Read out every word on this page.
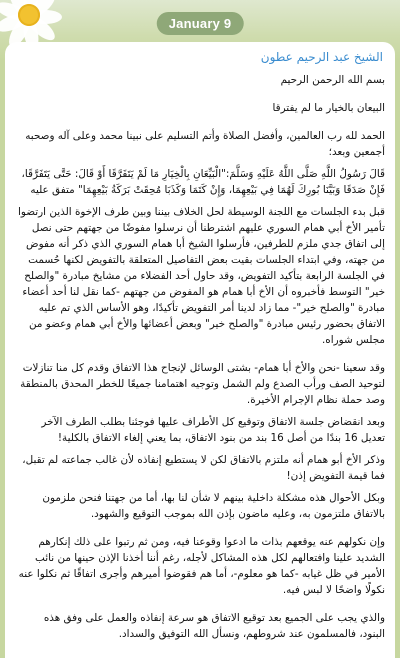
January 9
الشيخ عبد الرحيم عطون

بسم الله الرحمن الرحيم

البيعان بالخيار ما لم يفترقا

الحمد لله رب العالمين، وأفضل الصلاة وأتم التسليم على نبينا محمد وعلى آله وصحبه أجمعين وبعد؛

قَالَ رَسُولُ اللَّهِ صَلَّى اللَّهُ عَلَيْهِ وَسَلَّمَ:"الْبَيِّعَانِ بِالْخِيَارِ مَا لَمْ يَتَفَرَّقَا أَوْ قَالَ: حَتَّى يَتَفَرَّقَا، فَإِنْ صَدَقَا وَبَيَّنَا بُورِكَ لَهُمَا فِي بَيْعِهِمَا، وَإِنْ كَتَمَا وَكَذَبَا مُحِقَتْ بَرَكَةُ بَيْعِهِمَا" متفق عليه

قبل بدء الجلسات مع اللجنة الوسيطة لحل الخلاف بيننا وبين طرف الإخوة الذين ارتضوا تأمير الأخ أبي همام السوري عليهم اشترطنا أن نرسلوا مفوضًا من جهتهم حتى نصل إلى اتفاق جدي ملزم للطرفين، فأرسلوا الشيخ أبا همام السوري الذي ذكر أنه مفوض من جهته، وفي ابتداء الجلسات بقيت بعض التفاصيل المتعلقة بالتفويض لكنها حُسمت في الجلسة الرابعة بتأكيد التفويض، وقد حاول أحد الفضلاء من مشايخ مبادرة "والصلح خير" التوسط فأخبروه أن الأخ أبا همام هو المفوض من جهتهم -كما نقل لنا أحد أعضاء مبادرة "والصلح خير"- مما زاد لدينا أمر التفويض تأكيدًا، وهو الأساس الذي تم عليه الاتفاق بحضور رئيس مبادرة "والصلح خير" وبعض أعضائها والأخ أبي همام وعضو من مجلس شوراه.

وقد سعينا -نحن والأخ أبا همام- بشتى الوسائل لإنجاح هذا الاتفاق وقدم كل منا تنازلات لتوحيد الصف ورأب الصدع ولم الشمل وتوجيه اهتمامنا جميعًا للخطر المحدق بالمنطقة وصد حملة نظام الإجرام الأخيرة.

وبعد انقضاض جلسة الاتفاق وتوقيع كل الأطراف عليها فوجئنا بطلب الطرف الآخر تعديل 16 بندًا من أصل 16 بند من بنود الاتفاق، بما يعني إلغاء الاتفاق بالكلية!

وذكر الأخ أبو همام أنه ملتزم بالاتفاق لكن لا يستطيع إنفاذه لأن غالب جماعته لم تقبل، فما قيمة التفويض إذن!

وبكل الأحوال هذه مشكلة داخلية بينهم لا شأن لنا بها، أما من جهتنا فنحن ملزمون بالاتفاق ملتزمون به، وعليه ماضون بإذن الله بموجب التوقيع والشهود.

وإن نكولهم عنه يوقعهم بذات ما ادعوا وقوعنا فيه، ومن ثم رتبوا على ذلك إنكارهم الشديد علينا وافتعالهم لكل هذه المشاكل لأجله، رغم أننا أخذنا الإذن حينها من نائب الأمير في ظل غيابه -كما هو معلوم-، أما هم فقوضوا أميرهم وأجرى اتفاقًا ثم نكلوا عنه نكولًا واضحًا لا لبس فيه.

والذي يجب على الجميع بعد توقيع الاتفاق هو سرعة إنفاذه والعمل على وفق هذه البنود، فالمسلمون عند شروطهم، ونسأل الله التوفيق والسداد.
